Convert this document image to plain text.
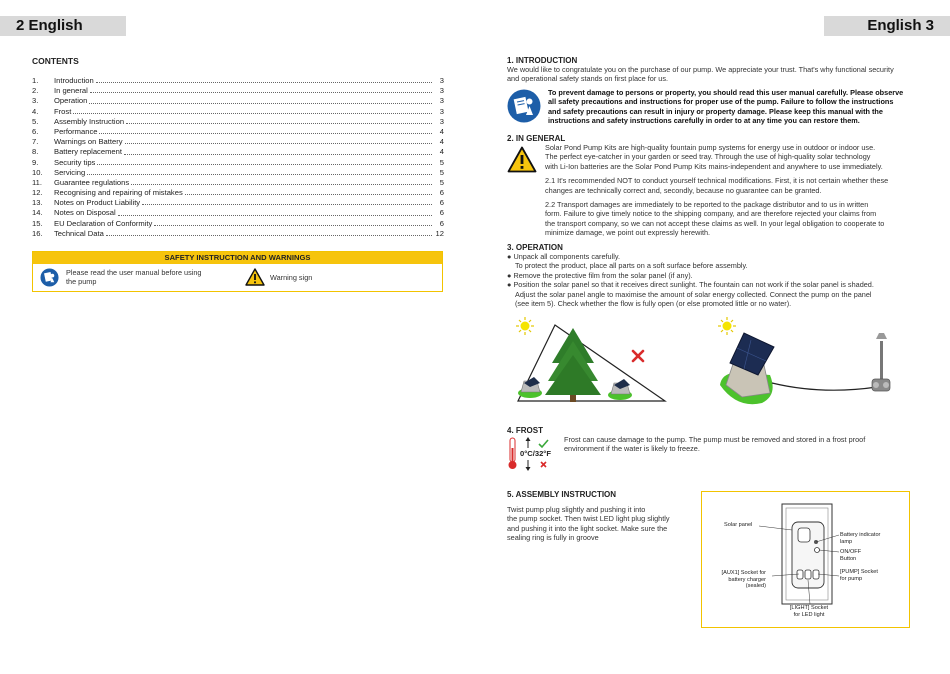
2 English	English 3
CONTENTS
1.	Introduction	3
2.	In general	3
3.	Operation	3
4.	Frost	3
5.	Assembly Instruction	3
6.	Performance	4
7.	Warnings on Battery	4
8.	Battery replacement	4
9.	Security tips	5
10.	Servicing	5
11.	Guarantee regulations	5
12.	Recognising and repairing of mistakes	6
13.	Notes on Product Liability	6
14.	Notes on Disposal	6
15.	EU Declaration of Conformity	6
16.	Technical Data	12
SAFETY INSTRUCTION AND WARNINGS
Please read the user manual before using
the pump	Warning sign
1. INTRODUCTION
We would like to congratulate you on the purchase of our pump. We appreciate your trust. That's why functional security
and operational safety stands on first place for us.
To prevent damage to persons or property, you should read this user manual carefully. Please observe
all safety precautions and instructions for proper use of the pump. Failure to follow the instructions
and safety precautions can result in injury or property damage. Please keep this manual with the
instructions and safety instructions carefully in order to at any time you can restore them.
2. IN GENERAL
Solar Pond Pump Kits are high-quality fountain pump systems for energy use in outdoor or indoor use.
The perfect eye-catcher in your garden or seed tray. Through the use of high-quality solar technology
with Li-Ion batteries are the Solar Pond Pump Kits mains-independent and anywhere to use immediately.
2.1 It's recommended NOT to conduct yourself technical modifications. First, it is not certain whether these
changes are technically correct and, secondly, because no guarantee can be granted.
2.2 Transport damages are immediately to be reported to the package distributor and to us in written
form. Failure to give timely notice to the shipping company, and are therefore rejected your claims from
the transport company, so we can not accept these claims as well. In your legal obligation to cooperate to
minimize damage, we point out expressly herewith.
3. OPERATION
● Unpack all components carefully.
To protect the product, place all parts on a soft surface before assembly.
● Remove the protective film from the solar panel (if any).
● Position the solar panel so that it receives direct sunlight. The fountain can not work if the solar panel is shaded.
Adjust the solar panel angle to maximise the amount of solar energy collected. Connect the pump on the panel
(see item 5). Check whether the flow is fully open (or else promoted little or no water).
4. FROST
0°C/32°F
Frost can cause damage to the pump. The pump must be removed and stored in a frost proof
environment if the water is likely to freeze.
5. ASSEMBLY INSTRUCTION
Twist pump plug slightly and pushing it into
the pump socket. Then twist LED light plug slightly
and pushing it into the light socket. Make sure the
sealing ring is fully in groove
Solar panel
Battery indicator
lamp
ON/OFF
Button
[PUMP] Socket
for pump
[AUX1] Socket for
battery charger
(sealed)
[LIGHT] Socket
for LED light
